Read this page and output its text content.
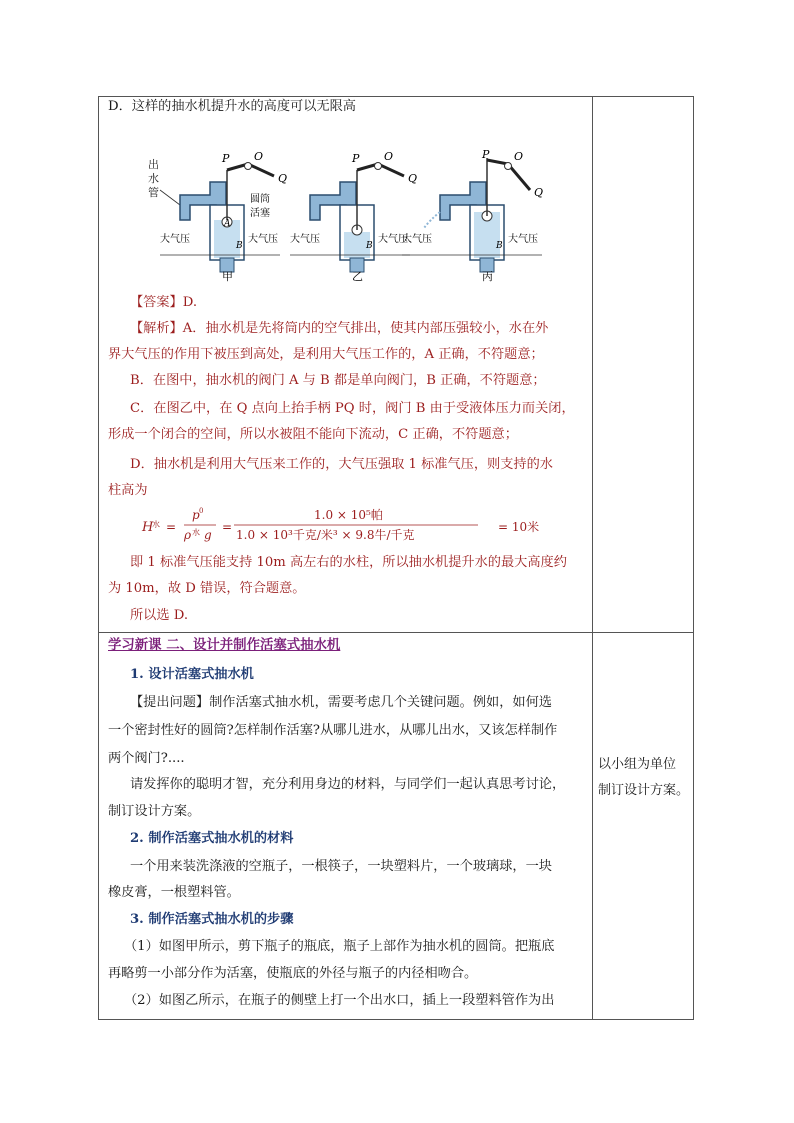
D．这样的抽水机提升水的高度可以无限高
出
水
管
P O
Q
A
B
圆筒
活塞
大气压	大气压
甲
P O
Q
B
大气压	大气压
乙
P O
Q
B
大气压	大气压
丙
【答案】D.
【解析】A．抽水机是先将筒内的空气排出，使其内部压强较小，水在外
界大气压的作用下被压到高处，是利用大气压工作的，A 正确，不符题意；
B．在图中，抽水机的阀门 A 与 B 都是单向阀门，B 正确，不符题意；
C．在图乙中，在 Q 点向上抬手柄 PQ 时，阀门 B 由于受液体压力而关闭，
形成一个闭合的空间，所以水被阻不能向下流动，C 正确，不符题意；
D．抽水机是利用大气压来工作的，大气压强取 1 标准气压，则支持的水
柱高为
H
水 =
p 0
ρ 水 g
=
1.0 × 10⁵帕
1.0 × 10³千克/米³ × 9.8牛/千克
= 10米
即 1 标准气压能支持 10m 高左右的水柱，所以抽水机提升水的最大高度约
为 10m，故 D 错误，符合题意。
所以选 D.
学习新课 二、设计并制作活塞式抽水机
1. 设计活塞式抽水机
【提出问题】制作活塞式抽水机，需要考虑几个关键问题。例如，如何选
一个密封性好的圆筒?怎样制作活塞?从哪儿进水，从哪儿出水，又该怎样制作
两个阀门?....
请发挥你的聪明才智，充分利用身边的材料，与同学们一起认真思考讨论，
制订设计方案。
2. 制作活塞式抽水机的材料
一个用来装洗涤液的空瓶子，一根筷子，一块塑料片，一个玻璃球，一块
橡皮膏，一根塑料管。
3. 制作活塞式抽水机的步骤
（1）如图甲所示，剪下瓶子的瓶底，瓶子上部作为抽水机的圆筒。把瓶底
再略剪一小部分作为活塞，使瓶底的外径与瓶子的内径相吻合。
（2）如图乙所示，在瓶子的侧壁上打一个出水口，插上一段塑料管作为出
以小组为单位
制订设计方案。
